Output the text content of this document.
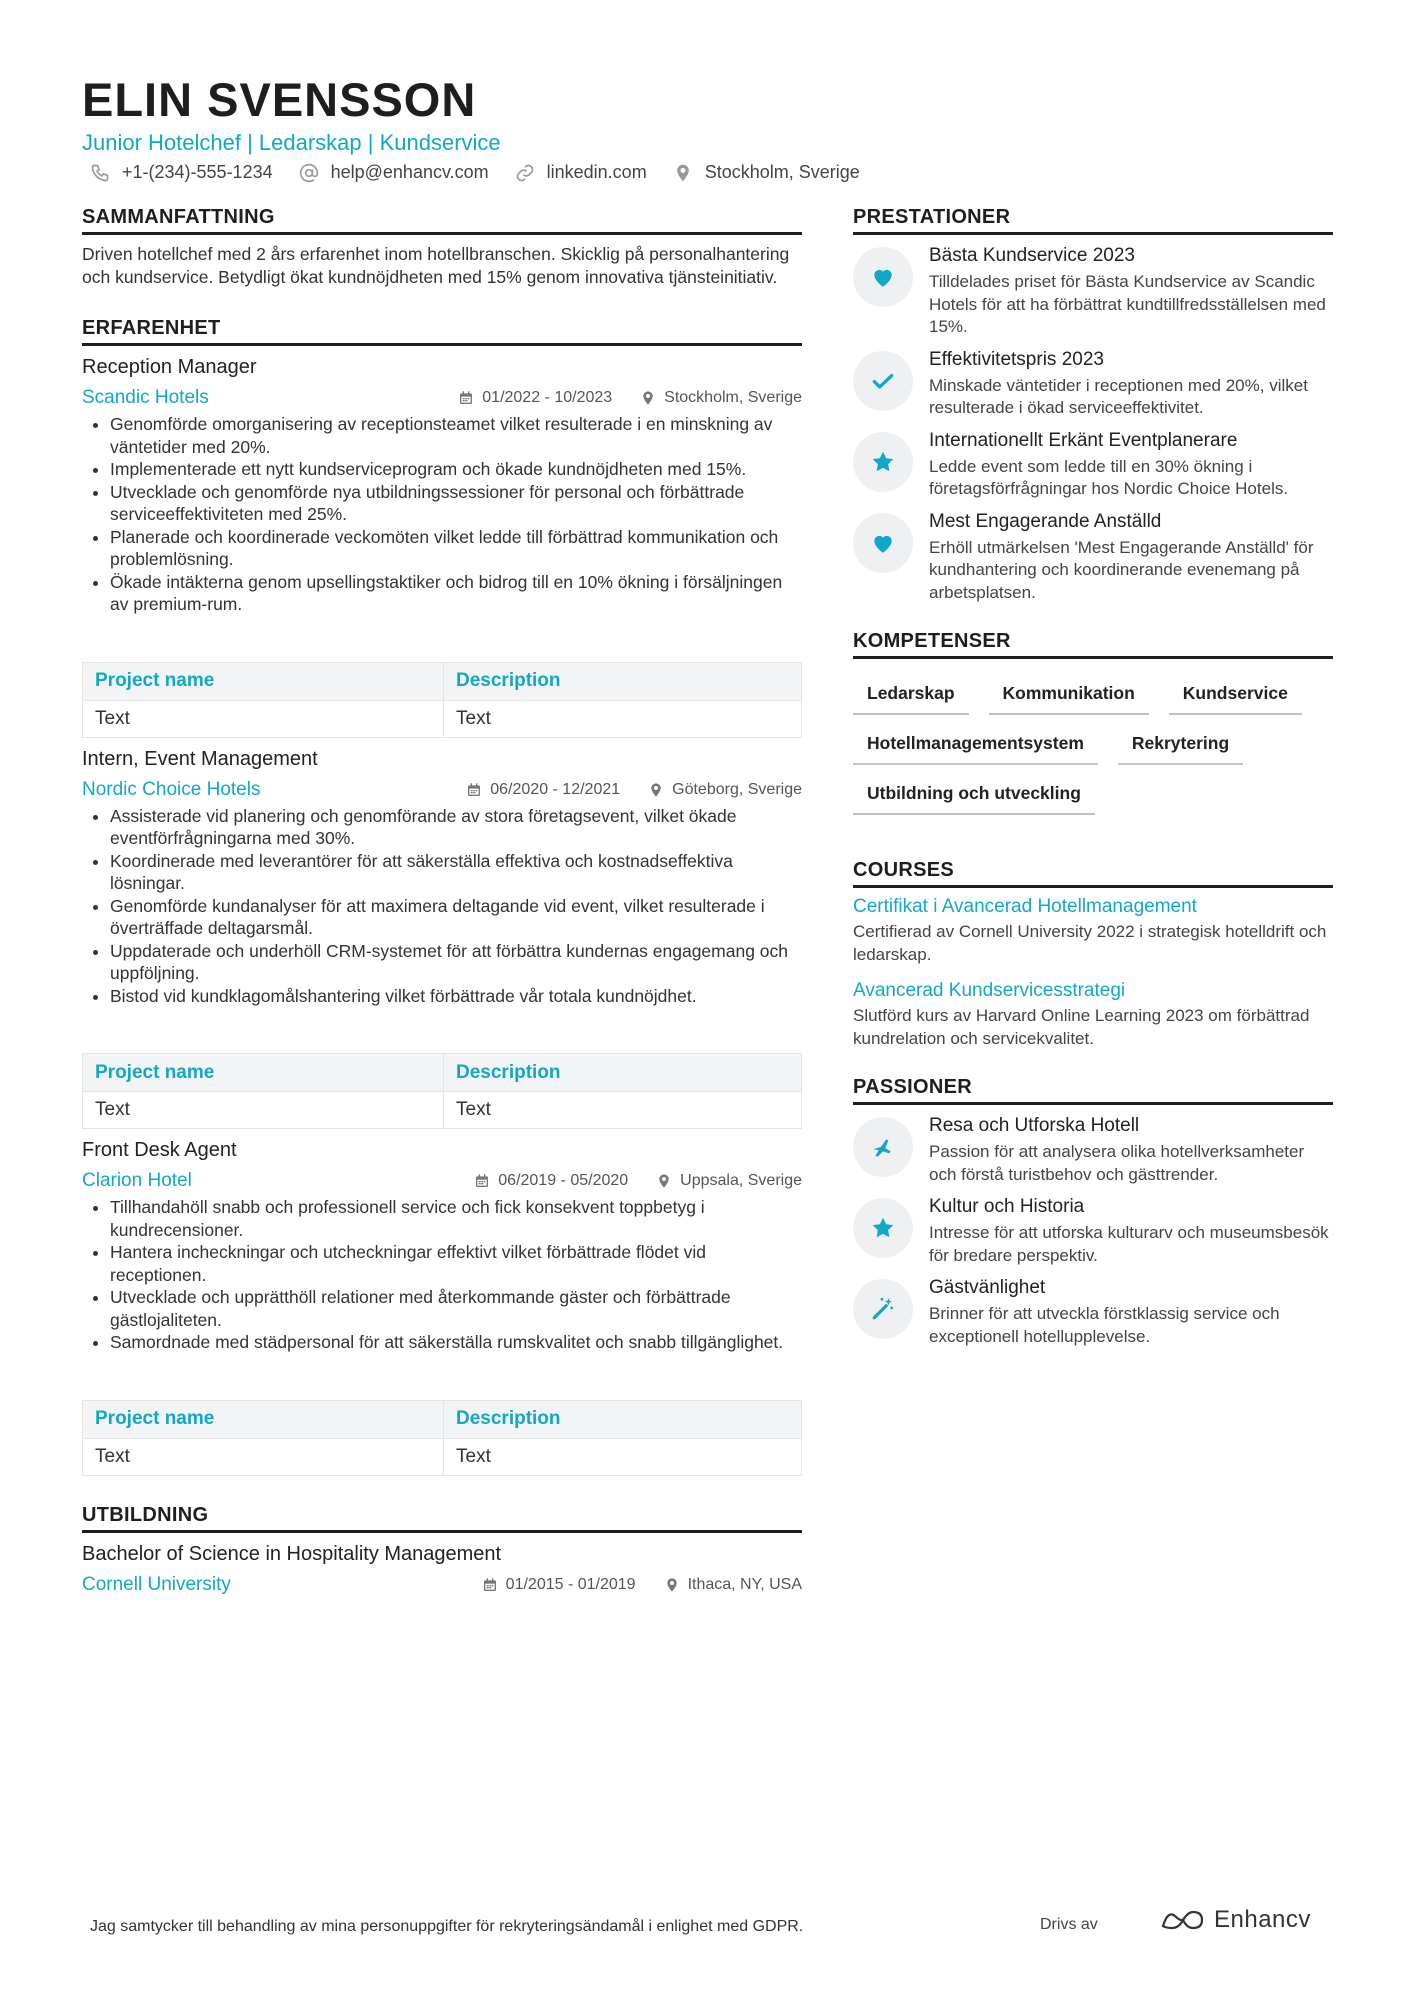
ELIN SVENSSON
Junior Hotelchef | Ledarskap | Kundservice
+1-(234)-555-1234	help@enhancv.com	linkedin.com	Stockholm, Sverige
SAMMANFATTNING
Driven hotellchef med 2 års erfarenhet inom hotellbranschen. Skicklig på personalhantering och kundservice. Betydligt ökat kundnöjdheten med 15% genom innovativa tjänsteinitiativ.
ERFARENHET
Reception Manager
Scandic Hotels	01/2022 - 10/2023	Stockholm, Sverige
• Genomförde omorganisering av receptionsteamet vilket resulterade i en minskning av väntetider med 20%.
• Implementerade ett nytt kundserviceprogram och ökade kundnöjdheten med 15%.
• Utvecklade och genomförde nya utbildningssessioner för personal och förbättrade serviceeffektiviteten med 25%.
• Planerade och koordinerade veckomöten vilket ledde till förbättrad kommunikation och problemlösning.
• Ökade intäkterna genom upsellingstaktiker och bidrog till en 10% ökning i försäljningen av premium-rum.
Project name	Description
Text	Text
Intern, Event Management
Nordic Choice Hotels	06/2020 - 12/2021	Göteborg, Sverige
• Assisterade vid planering och genomförande av stora företagsevent, vilket ökade eventförfrågningarna med 30%.
• Koordinerade med leverantörer för att säkerställa effektiva och kostnadseffektiva lösningar.
• Genomförde kundanalyser för att maximera deltagande vid event, vilket resulterade i överträffade deltagarsmål.
• Uppdaterade och underhöll CRM-systemet för att förbättra kundernas engagemang och uppföljning.
• Bistod vid kundklagomålshantering vilket förbättrade vår totala kundnöjdhet.
Project name	Description
Text	Text
Front Desk Agent
Clarion Hotel	06/2019 - 05/2020	Uppsala, Sverige
• Tillhandahöll snabb och professionell service och fick konsekvent toppbetyg i kundrecensioner.
• Hantera incheckningar och utcheckningar effektivt vilket förbättrade flödet vid receptionen.
• Utvecklade och upprätthöll relationer med återkommande gäster och förbättrade gästlojaliteten.
• Samordnade med städpersonal för att säkerställa rumskvalitet och snabb tillgänglighet.
Project name	Description
Text	Text
UTBILDNING
Bachelor of Science in Hospitality Management
Cornell University	01/2015 - 01/2019	Ithaca, NY, USA
PRESTATIONER
Bästa Kundservice 2023
Tilldelades priset för Bästa Kundservice av Scandic Hotels för att ha förbättrat kundtillfredsställelsen med 15%.
Effektivitetspris 2023
Minskade väntetider i receptionen med 20%, vilket resulterade i ökad serviceeffektivitet.
Internationellt Erkänt Eventplanerare
Ledde event som ledde till en 30% ökning i företagsförfrågningar hos Nordic Choice Hotels.
Mest Engagerande Anställd
Erhöll utmärkelsen 'Mest Engagerande Anställd' för kundhantering och koordinerande evenemang på arbetsplatsen.
KOMPETENSER
Ledarskap	Kommunikation	Kundservice
Hotellmanagementsystem	Rekrytering
Utbildning och utveckling
COURSES
Certifikat i Avancerad Hotellmanagement
Certifierad av Cornell University 2022 i strategisk hotelldrift och ledarskap.
Avancerad Kundservicesstrategi
Slutförd kurs av Harvard Online Learning 2023 om förbättrad kundrelation och servicekvalitet.
PASSIONER
Resa och Utforska Hotell
Passion för att analysera olika hotellverksamheter och förstå turistbehov och gästtrender.
Kultur och Historia
Intresse för att utforska kulturarv och museumsbesök för bredare perspektiv.
Gästvänlighet
Brinner för att utveckla förstklassig service och exceptionell hotellupplevelse.
Jag samtycker till behandling av mina personuppgifter för rekryteringsändamål i enlighet med GDPR.	Drivs av	Enhancv
